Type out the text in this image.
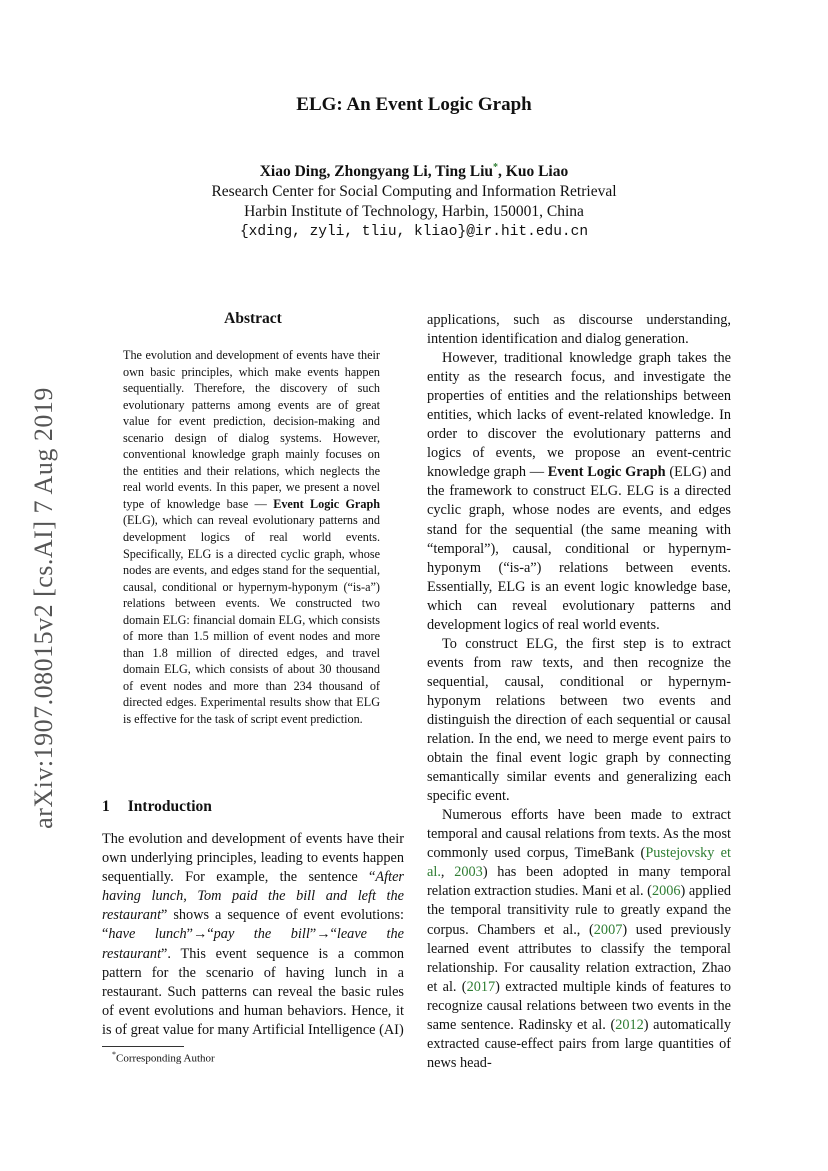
ELG: An Event Logic Graph
Xiao Ding, Zhongyang Li, Ting Liu*, Kuo Liao
Research Center for Social Computing and Information Retrieval
Harbin Institute of Technology, Harbin, 150001, China
{xding, zyli, tliu, kliao}@ir.hit.edu.cn
arXiv:1907.08015v2 [cs.AI] 7 Aug 2019
Abstract
The evolution and development of events have their own basic principles, which make events happen sequentially. Therefore, the discovery of such evolutionary patterns among events are of great value for event prediction, decision-making and scenario design of dialog systems. However, conventional knowledge graph mainly focuses on the entities and their relations, which neglects the real world events. In this paper, we present a novel type of knowledge base — Event Logic Graph (ELG), which can reveal evolutionary patterns and development logics of real world events. Specifically, ELG is a directed cyclic graph, whose nodes are events, and edges stand for the sequential, causal, conditional or hypernym-hyponym (“is-a”) relations between events. We constructed two domain ELG: financial domain ELG, which consists of more than 1.5 million of event nodes and more than 1.8 million of directed edges, and travel domain ELG, which consists of about 30 thousand of event nodes and more than 234 thousand of directed edges. Experimental results show that ELG is effective for the task of script event prediction.
1 Introduction
The evolution and development of events have their own underlying principles, leading to events happen sequentially. For example, the sentence “After having lunch, Tom paid the bill and left the restaurant” shows a sequence of event evolutions: “have lunch”→“pay the bill”→“leave the restaurant”. This event sequence is a common pattern for the scenario of having lunch in a restaurant. Such patterns can reveal the basic rules of event evolutions and human behaviors. Hence, it is of great value for many Artificial Intelligence (AI)
*Corresponding Author

applications, such as discourse understanding, intention identification and dialog generation.

However, traditional knowledge graph takes the entity as the research focus, and investigate the properties of entities and the relationships between entities, which lacks of event-related knowledge. In order to discover the evolutionary patterns and logics of events, we propose an event-centric knowledge graph — Event Logic Graph (ELG) and the framework to construct ELG. ELG is a directed cyclic graph, whose nodes are events, and edges stand for the sequential (the same meaning with “temporal”), causal, conditional or hypernym-hyponym (“is-a”) relations between events. Essentially, ELG is an event logic knowledge base, which can reveal evolutionary patterns and development logics of real world events.

To construct ELG, the first step is to extract events from raw texts, and then recognize the sequential, causal, conditional or hypernym-hyponym relations between two events and distinguish the direction of each sequential or causal relation. In the end, we need to merge event pairs to obtain the final event logic graph by connecting semantically similar events and generalizing each specific event.

Numerous efforts have been made to extract temporal and causal relations from texts. As the most commonly used corpus, TimeBank (Pustejovsky et al., 2003) has been adopted in many temporal relation extraction studies. Mani et al. (2006) applied the temporal transitivity rule to greatly expand the corpus. Chambers et al., (2007) used previously learned event attributes to classify the temporal relationship. For causality relation extraction, Zhao et al. (2017) extracted multiple kinds of features to recognize causal relations between two events in the same sentence. Radinsky et al. (2012) automatically extracted cause-effect pairs from large quantities of news head-
